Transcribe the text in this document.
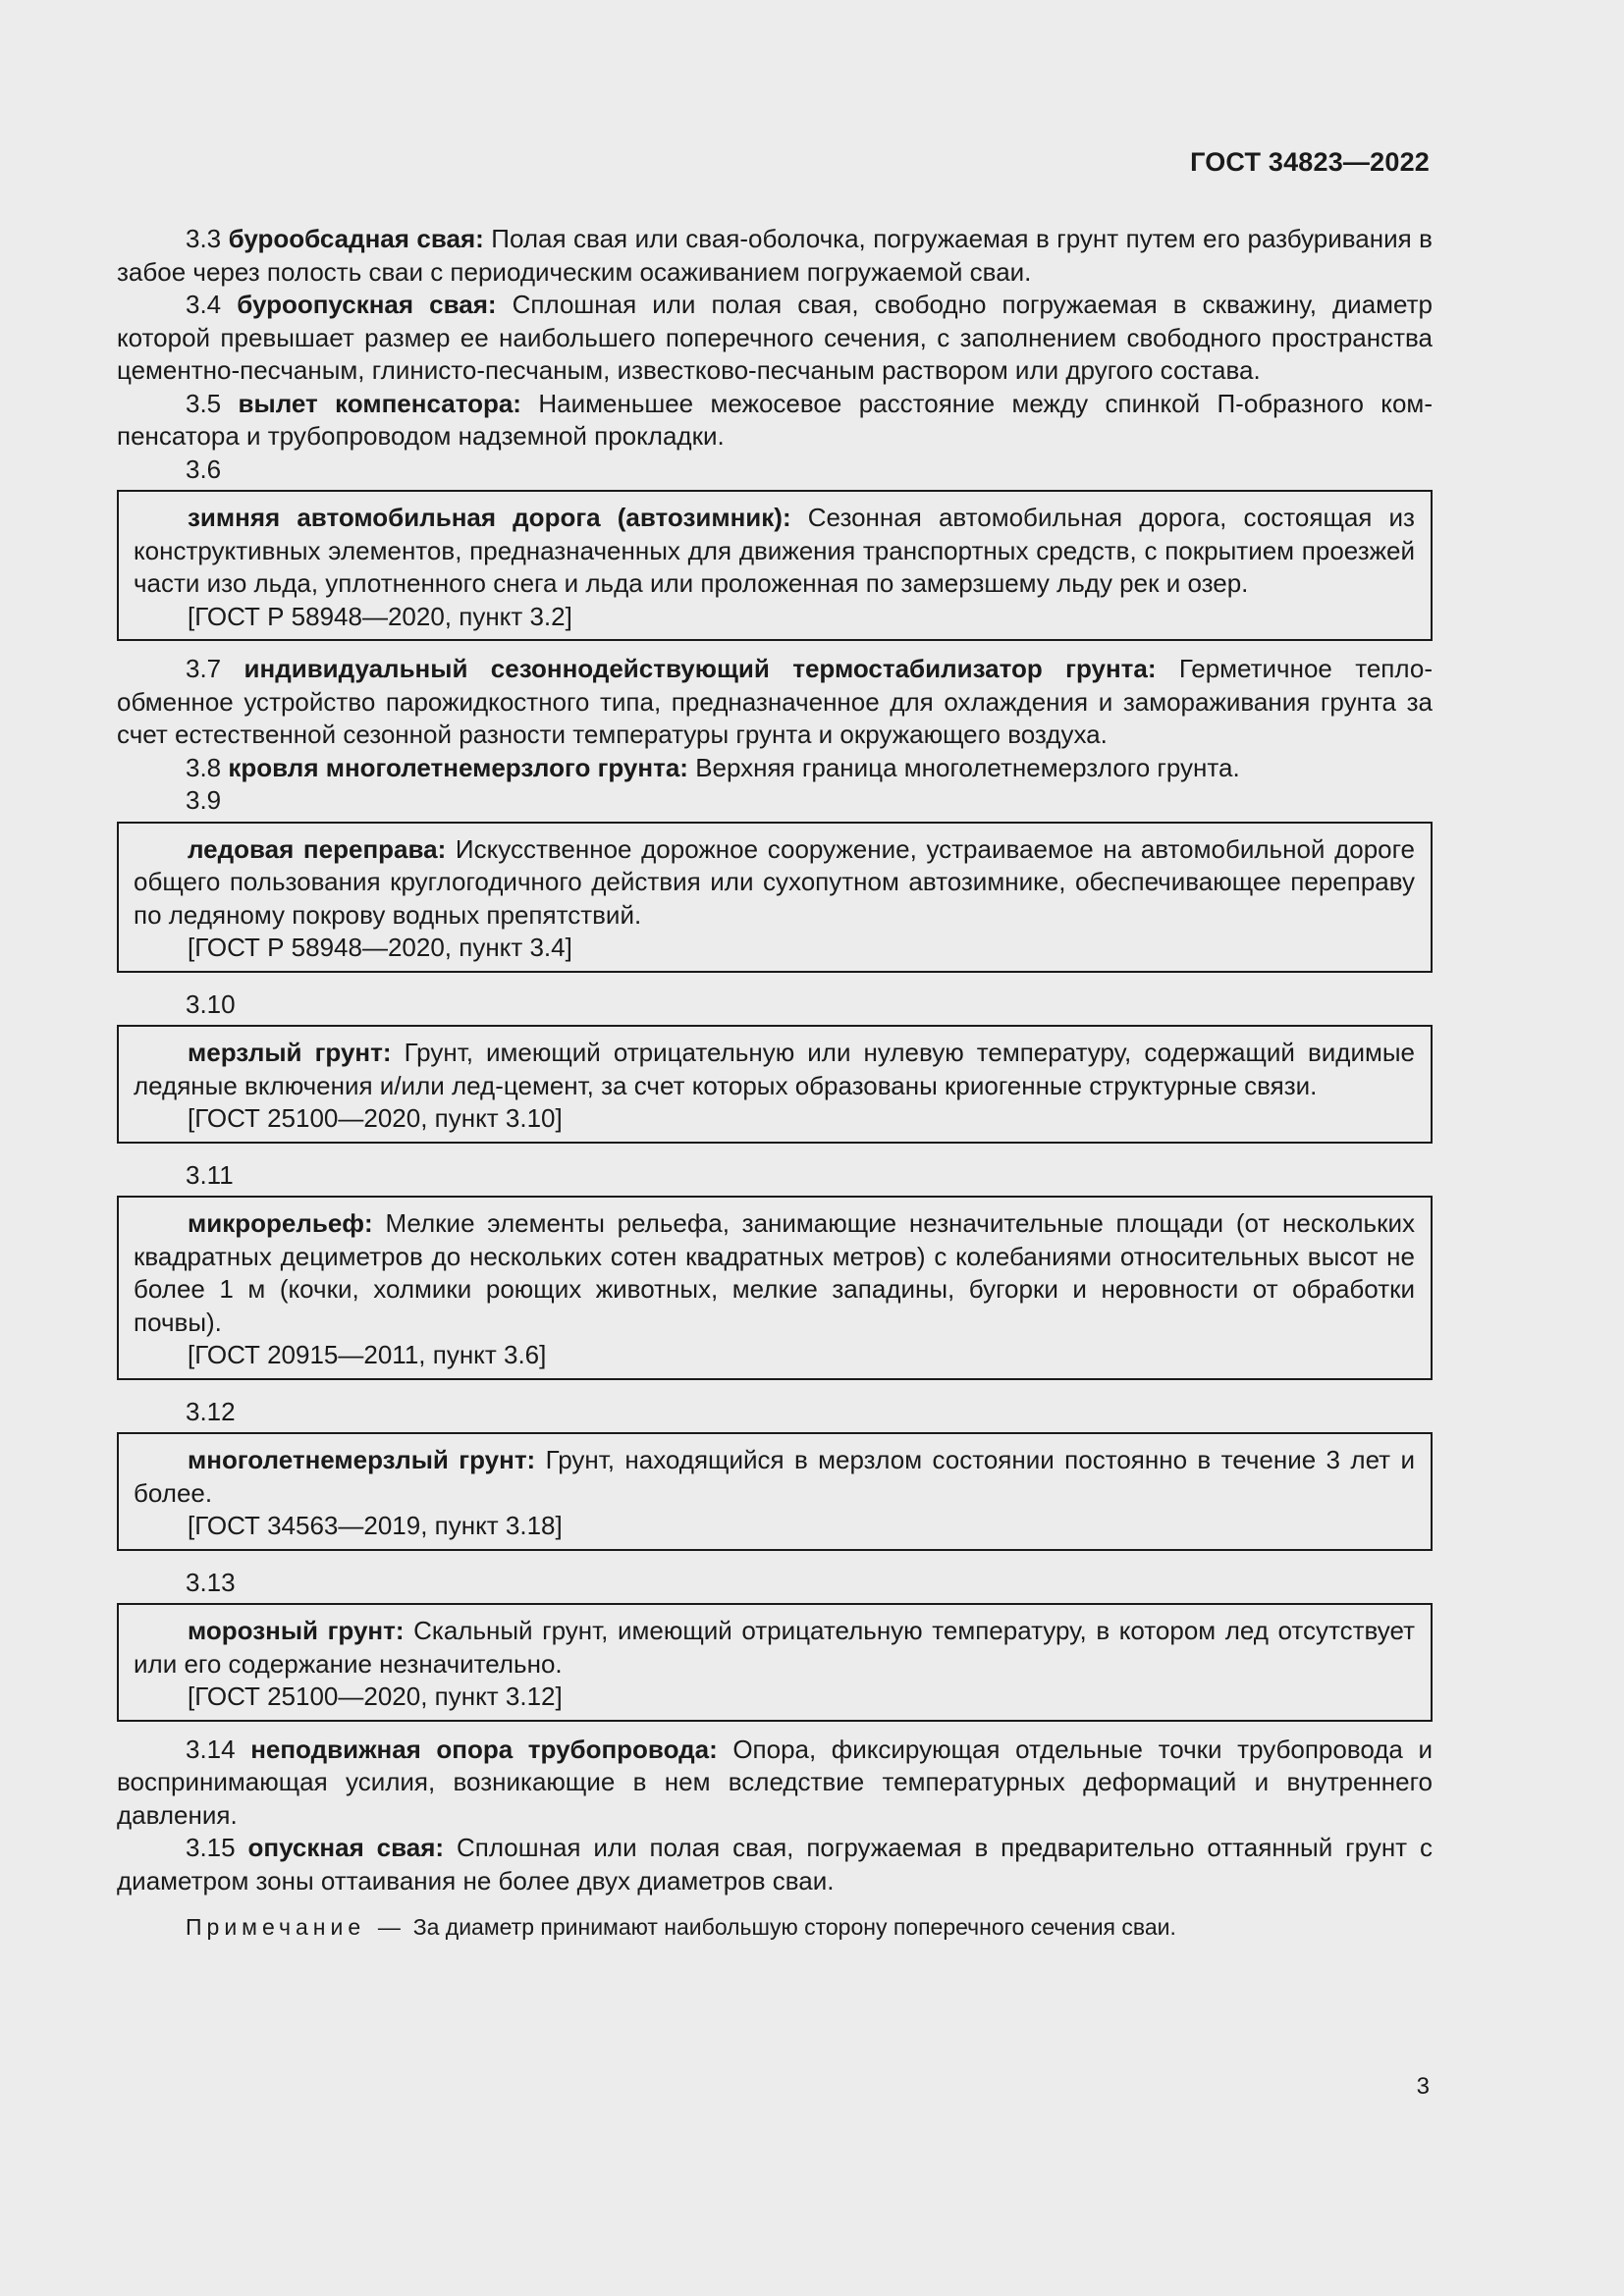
ГОСТ 34823—2022

3.3 бурообсадная свая: Полая свая или свая-оболочка, погружаемая в грунт путем его разбуривания в забое через полость сваи с периодическим осаживанием погружаемой сваи.

3.4 буроопускная свая: Сплошная или полая свая, свободно погружаемая в скважину, диаметр которой превышает размер ее наибольшего поперечного сечения, с заполнением свободного пространства цементно-песчаным, глинисто-песчаным, известково-песчаным раствором или другого состава.

3.5 вылет компенсатора: Наименьшее межосевое расстояние между спинкой П-образного компенсатора и трубопроводом надземной прокладки.

3.6

зимняя автомобильная дорога (автозимник): Сезонная автомобильная дорога, состоящая из конструктивных элементов, предназначенных для движения транспортных средств, с покрытием проезжей части изо льда, уплотненного снега и льда или проложенная по замерзшему льду рек и озер.

[ГОСТ Р 58948—2020, пункт 3.2]

3.7 индивидуальный сезоннодействующий термостабилизатор грунта: Герметичное теплообменное устройство парожидкостного типа, предназначенное для охлаждения и замораживания грунта за счет естественной сезонной разности температуры грунта и окружающего воздуха.

3.8 кровля многолетнемерзлого грунта: Верхняя граница многолетнемерзлого грунта.

3.9

ледовая переправа: Искусственное дорожное сооружение, устраиваемое на автомобильной дороге общего пользования круглогодичного действия или сухопутном автозимнике, обеспечивающее переправу по ледяному покрову водных препятствий.

[ГОСТ Р 58948—2020, пункт 3.4]

3.10

мерзлый грунт: Грунт, имеющий отрицательную или нулевую температуру, содержащий видимые ледяные включения и/или лед-цемент, за счет которых образованы криогенные структурные связи.

[ГОСТ 25100—2020, пункт 3.10]

3.11

микрорельеф: Мелкие элементы рельефа, занимающие незначительные площади (от нескольких квадратных дециметров до нескольких сотен квадратных метров) с колебаниями относительных высот не более 1 м (кочки, холмики роющих животных, мелкие западины, бугорки и неровности от обработки почвы).

[ГОСТ 20915—2011, пункт 3.6]

3.12

многолетнемерзлый грунт: Грунт, находящийся в мерзлом состоянии постоянно в течение 3 лет и более.

[ГОСТ 34563—2019, пункт 3.18]

3.13

морозный грунт: Скальный грунт, имеющий отрицательную температуру, в котором лед отсутствует или его содержание незначительно.

[ГОСТ 25100—2020, пункт 3.12]

3.14 неподвижная опора трубопровода: Опора, фиксирующая отдельные точки трубопровода и воспринимающая усилия, возникающие в нем вследствие температурных деформаций и внутреннего давления.

3.15 опускная свая: Сплошная или полая свая, погружаемая в предварительно оттаянный грунт с диаметром зоны оттаивания не более двух диаметров сваи.

Примечание — За диаметр принимают наибольшую сторону поперечного сечения сваи.

3
